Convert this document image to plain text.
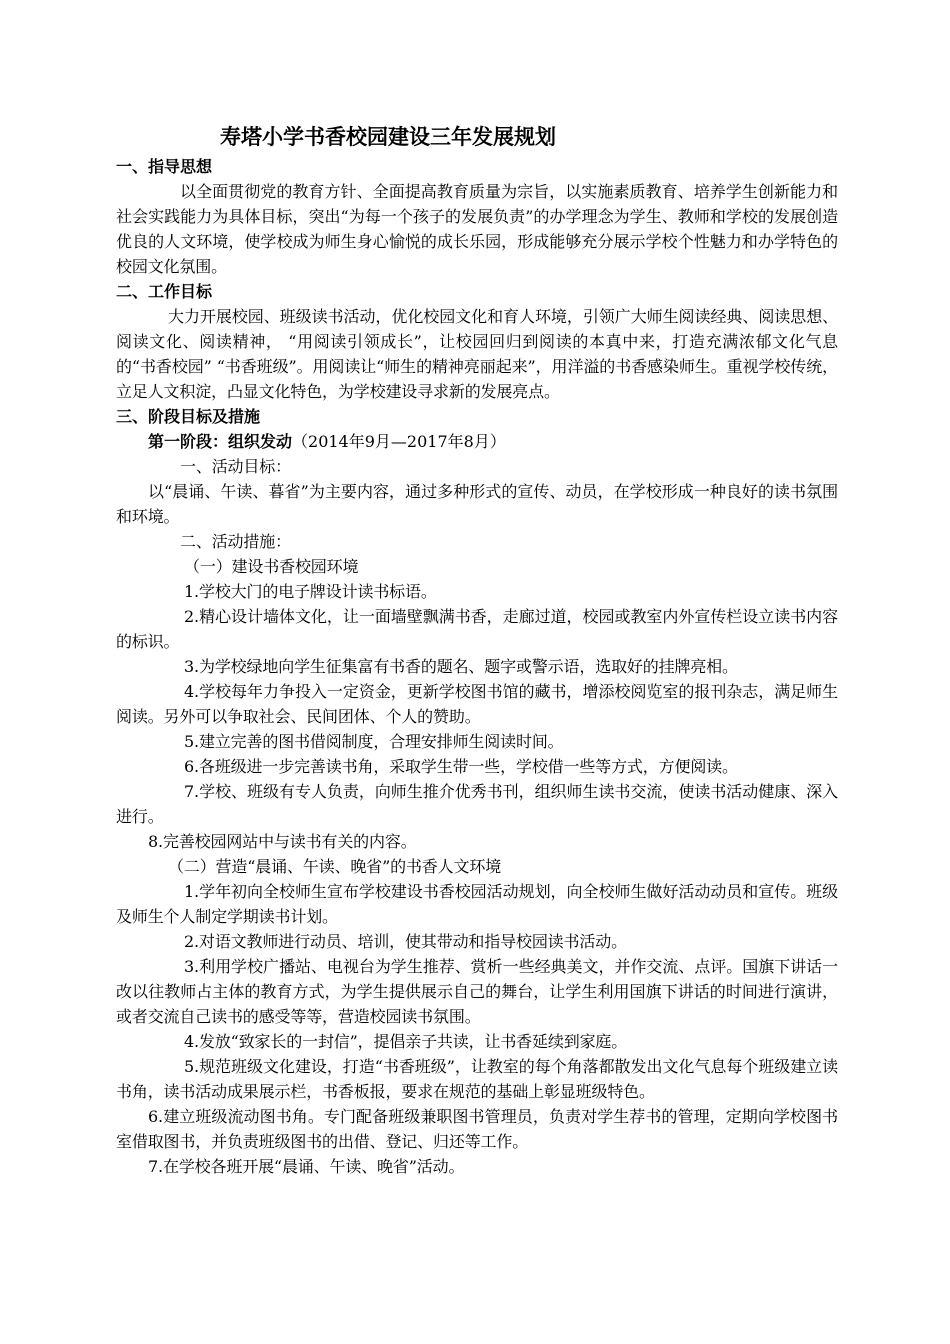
寿塔小学书香校园建设三年发展规划

一、指导思想

以全面贯彻党的教育方针、全面提高教育质量为宗旨，以实施素质教育、培养学生创新能力和社会实践能力为具体目标，突出“为每一个孩子的发展负责”的办学理念为学生、教师和学校的发展创造优良的人文环境，使学校成为师生身心愉悦的成长乐园，形成能够充分展示学校个性魅力和办学特色的校园文化氛围。

二、工作目标

大力开展校园、班级读书活动，优化校园文化和育人环境，引领广大师生阅读经典、阅读思想、阅读文化、阅读精神， “用阅读引领成长”，让校园回归到阅读的本真中来，打造充满浓郁文化气息的“书香校园” “书香班级”。用阅读让“师生的精神亮丽起来”，用洋溢的书香感染师生。重视学校传统，立足人文积淀，凸显文化特色，为学校建设寻求新的发展亮点。

三、阶段目标及措施

第一阶段：组织发动（2014年9月—2017年8月）

一、活动目标：

以“晨诵、午读、暮省”为主要内容，通过多种形式的宣传、动员，在学校形成一种良好的读书氛围和环境。

二、活动措施：

（一）建设书香校园环境

1.学校大门的电子牌设计读书标语。

2.精心设计墙体文化，让一面墙壁飘满书香，走廊过道，校园或教室内外宣传栏设立读书内容的标识。

3.为学校绿地向学生征集富有书香的题名、题字或警示语，选取好的挂牌亮相。

4.学校每年力争投入一定资金，更新学校图书馆的藏书，增添校阅览室的报刊杂志，满足师生阅读。另外可以争取社会、民间团体、个人的赞助。

5.建立完善的图书借阅制度，合理安排师生阅读时间。

6.各班级进一步完善读书角，采取学生带一些，学校借一些等方式，方便阅读。

7.学校、班级有专人负责，向师生推介优秀书刊，组织师生读书交流，使读书活动健康、深入进行。

8.完善校园网站中与读书有关的内容。

（二）营造“晨诵、午读、晚省”的书香人文环境

1.学年初向全校师生宣布学校建设书香校园活动规划，向全校师生做好活动动员和宣传。班级及师生个人制定学期读书计划。

2.对语文教师进行动员、培训，使其带动和指导校园读书活动。

3.利用学校广播站、电视台为学生推荐、赏析一些经典美文，并作交流、点评。国旗下讲话一改以往教师占主体的教育方式，为学生提供展示自己的舞台，让学生利用国旗下讲话的时间进行演讲，或者交流自己读书的感受等等，营造校园读书氛围。

4.发放“致家长的一封信”，提倡亲子共读，让书香延续到家庭。

5.规范班级文化建设，打造“书香班级”，让教室的每个角落都散发出文化气息每个班级建立读书角，读书活动成果展示栏，书香板报，要求在规范的基础上彰显班级特色。

6.建立班级流动图书角。专门配备班级兼职图书管理员，负责对学生荐书的管理，定期向学校图书室借取图书，并负责班级图书的出借、登记、归还等工作。

7.在学校各班开展“晨诵、午读、晚省”活动。
